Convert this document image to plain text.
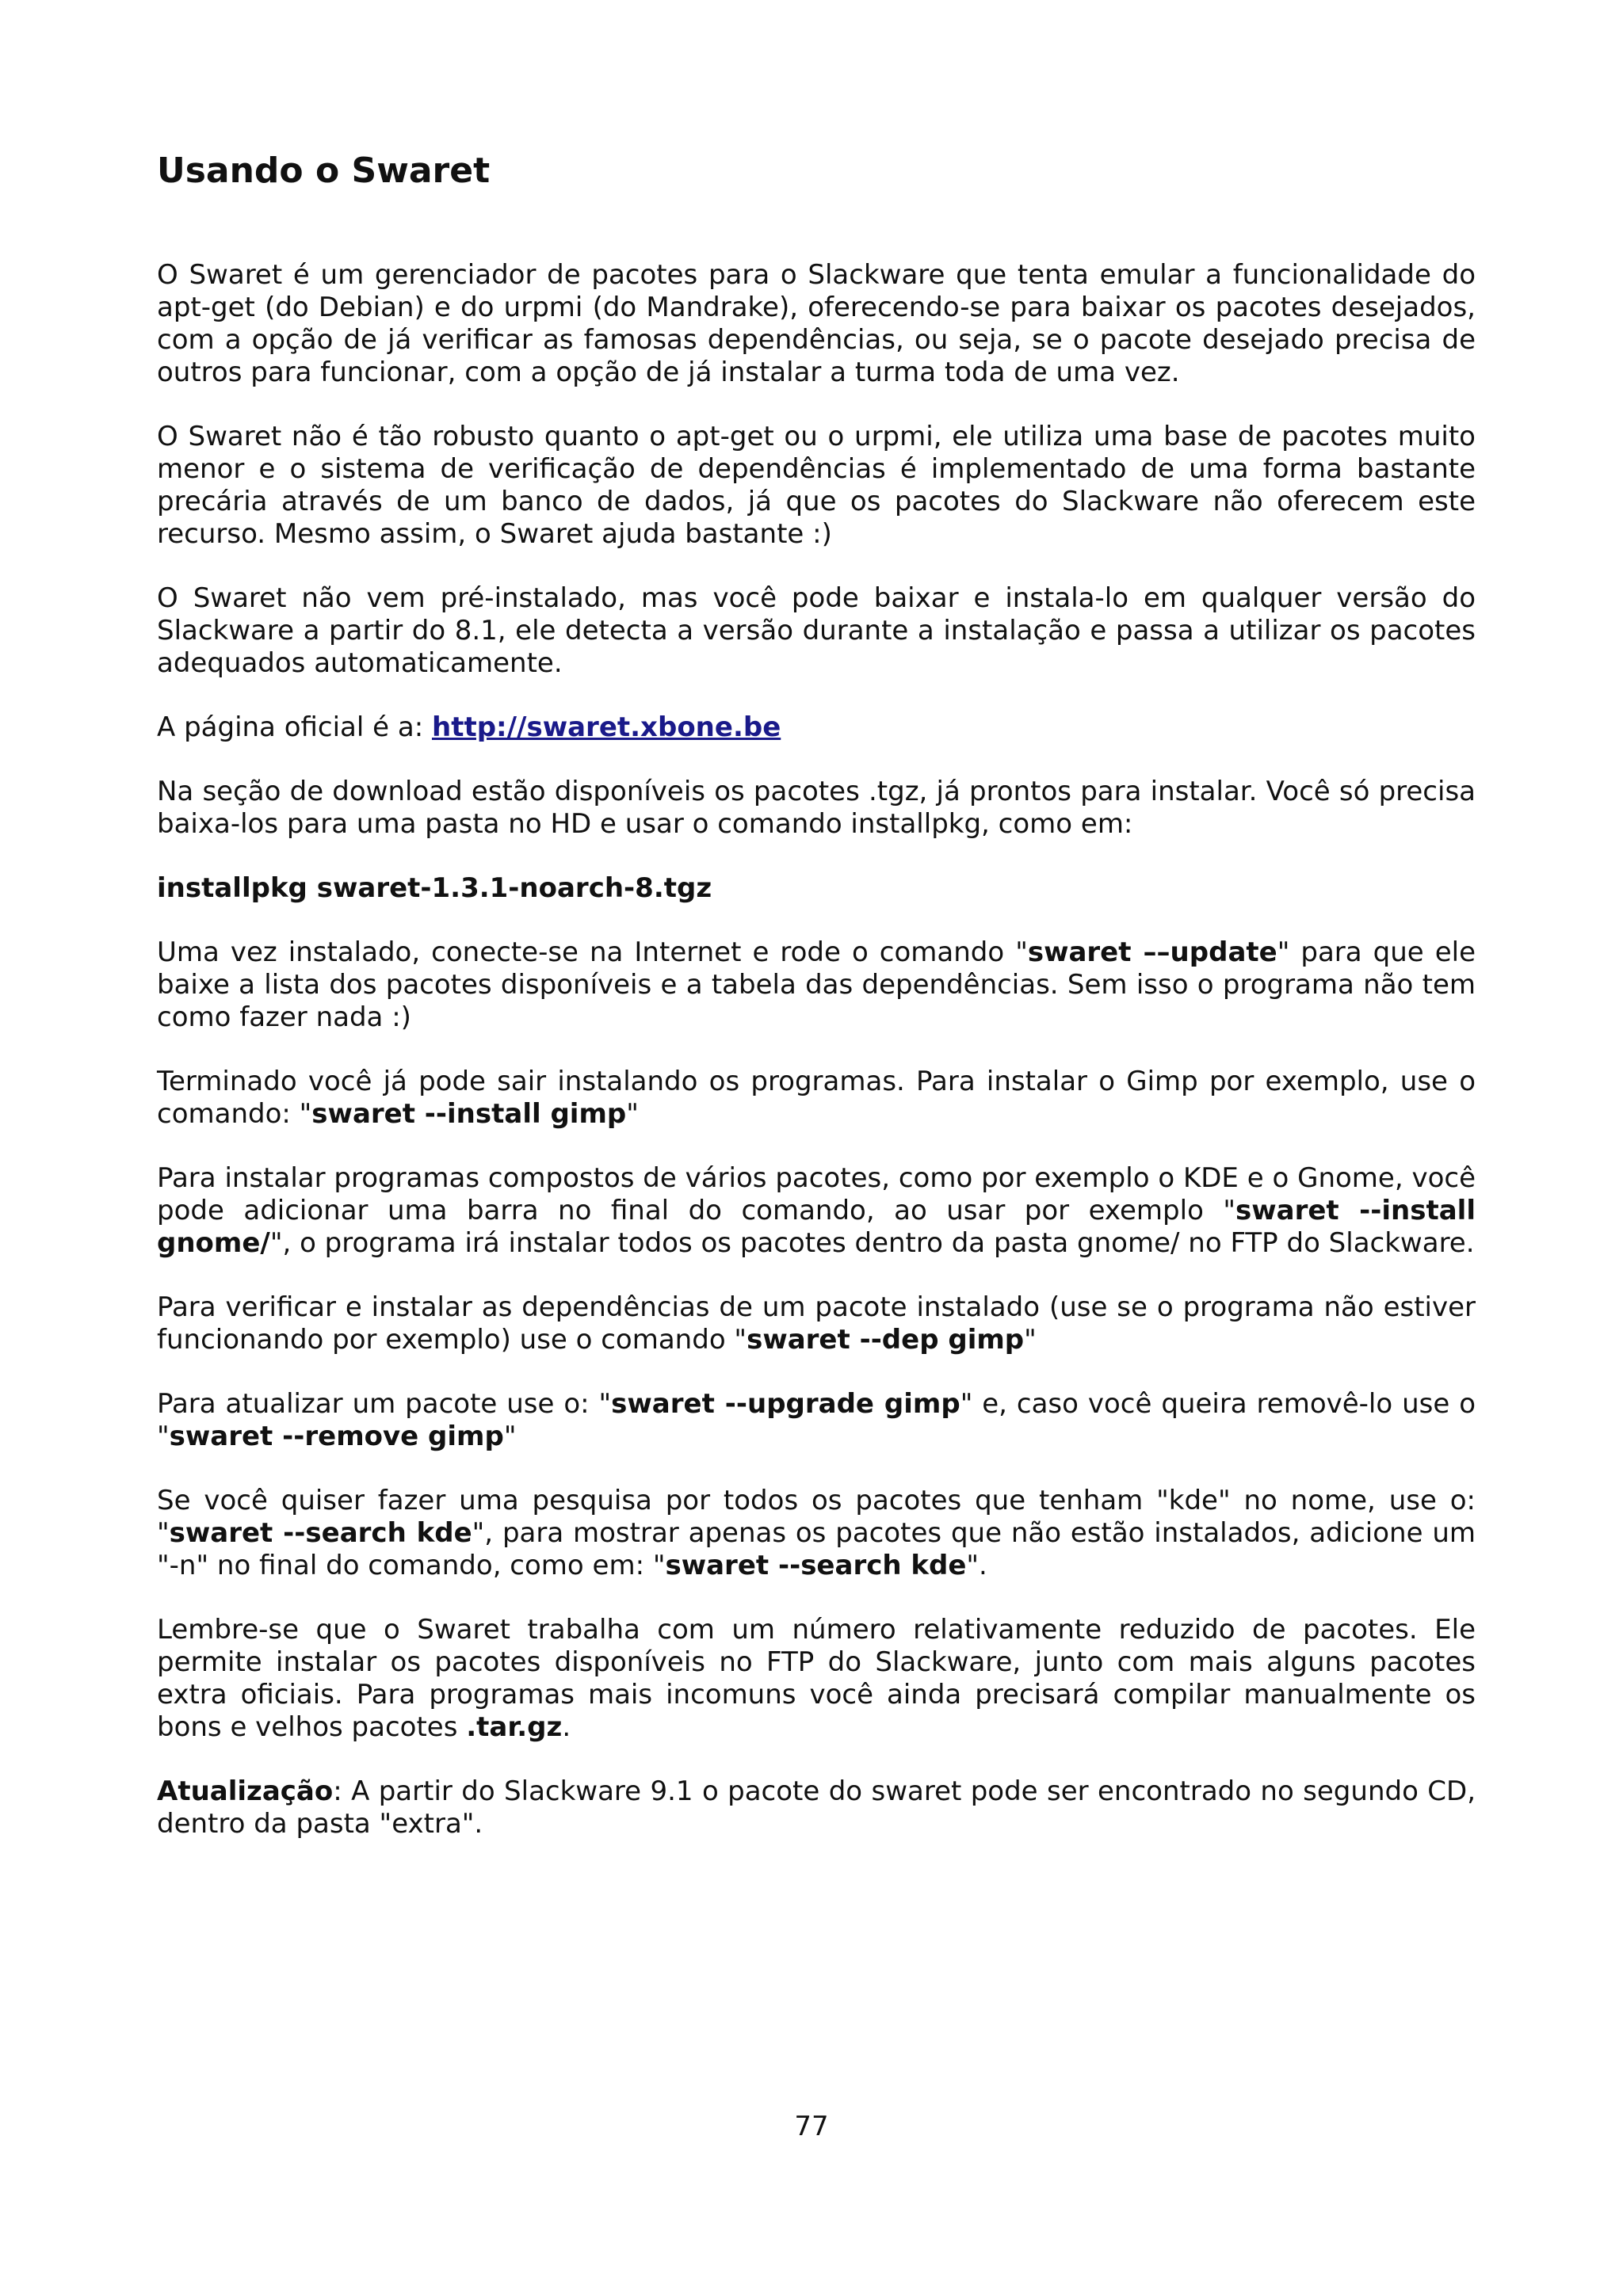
Usando o Swaret

O Swaret é um gerenciador de pacotes para o Slackware que tenta emular a funcionalidade do apt-get (do Debian) e do urpmi (do Mandrake), oferecendo-se para baixar os pacotes desejados, com a opção de já verificar as famosas dependências, ou seja, se o pacote desejado precisa de outros para funcionar, com a opção de já instalar a turma toda de uma vez.

O Swaret não é tão robusto quanto o apt-get ou o urpmi, ele utiliza uma base de pacotes muito menor e o sistema de verificação de dependências é implementado de uma forma bastante precária através de um banco de dados, já que os pacotes do Slackware não oferecem este recurso. Mesmo assim, o Swaret ajuda bastante :)

O Swaret não vem pré-instalado, mas você pode baixar e instala-lo em qualquer versão do Slackware a partir do 8.1, ele detecta a versão durante a instalação e passa a utilizar os pacotes adequados automaticamente.

A página oficial é a: http://swaret.xbone.be

Na seção de download estão disponíveis os pacotes .tgz, já prontos para instalar. Você só precisa baixa-los para uma pasta no HD e usar o comando installpkg, como em:

installpkg swaret-1.3.1-noarch-8.tgz

Uma vez instalado, conecte-se na Internet e rode o comando "swaret ––update" para que ele baixe a lista dos pacotes disponíveis e a tabela das dependências. Sem isso o programa não tem como fazer nada :)

Terminado você já pode sair instalando os programas. Para instalar o Gimp por exemplo, use o comando: "swaret --install gimp"

Para instalar programas compostos de vários pacotes, como por exemplo o KDE e o Gnome, você pode adicionar uma barra no final do comando, ao usar por exemplo "swaret --install gnome/", o programa irá instalar todos os pacotes dentro da pasta gnome/ no FTP do Slackware.

Para verificar e instalar as dependências de um pacote instalado (use se o programa não estiver funcionando por exemplo) use o comando "swaret --dep gimp"

Para atualizar um pacote use o: "swaret --upgrade gimp" e, caso você queira removê-lo use o "swaret --remove gimp"

Se você quiser fazer uma pesquisa por todos os pacotes que tenham "kde" no nome, use o: "swaret --search kde", para mostrar apenas os pacotes que não estão instalados, adicione um "-n" no final do comando, como em: "swaret --search kde".

Lembre-se que o Swaret trabalha com um número relativamente reduzido de pacotes. Ele permite instalar os pacotes disponíveis no FTP do Slackware, junto com mais alguns pacotes extra oficiais. Para programas mais incomuns você ainda precisará compilar manualmente os bons e velhos pacotes .tar.gz.

Atualização: A partir do Slackware 9.1 o pacote do swaret pode ser encontrado no segundo CD, dentro da pasta "extra".

77
